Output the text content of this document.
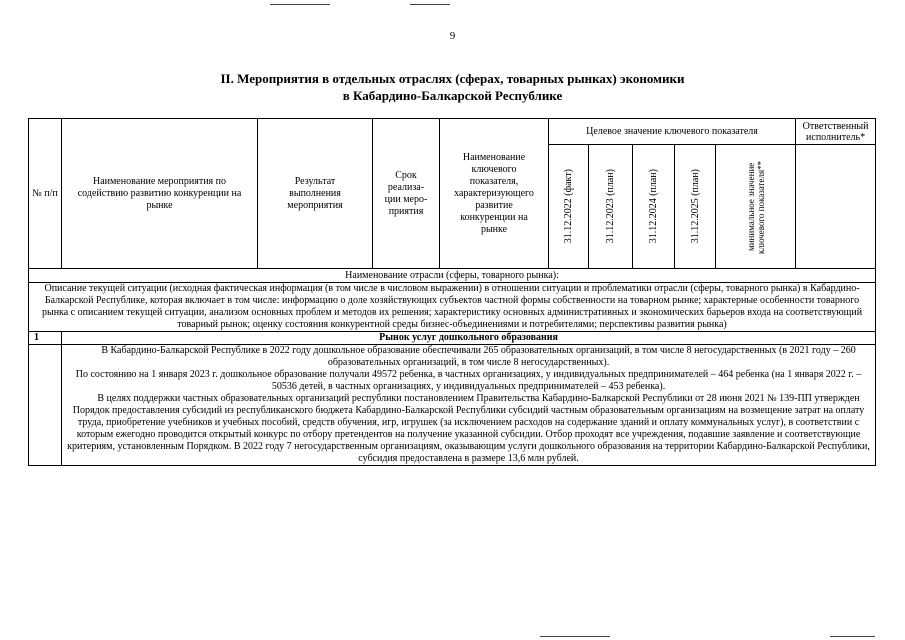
9
II. Мероприятия в отдельных отраслях (сферах, товарных рынках) экономики
в Кабардино-Балкарской Республике
№ п/п	Наименование мероприятия по содействию развитию конкуренции на рынке	Результат выполнения мероприятия	Срок реализа-ции меро-приятия	Наименование ключевого показателя, характеризующего развитие конкуренции на рынке	Целевое значение ключевого показателя					Ответственный исполнитель*

					31.12.2022 (факт)	31.12.2023 (план)	31.12.2024 (план)	31.12.2025 (план)	минимальное значение ключевого показателя**	

Наименование отрасли (сферы, товарного рынка):										
Описание текущей ситуации (исходная фактическая информация (в том числе в числовом выражении) в отношении ситуации и проблематики отрасли (сферы, товарного рынка) в Кабардино-Балкарской Республике, которая включает в том числе: информацию о доле хозяйствующих субъектов частной формы собственности на товарном рынке; характерные особенности товарного рынка с описанием текущей ситуации, анализом основных проблем и методов их решения; характеристику основных административных и экономических барьеров входа на соответствующий товарный рынок; оценку состояния конкурентной среды бизнес-объединениями и потребителями; перспективы развития рынка)										
1	Рынок услуг дошкольного образования									

	В Кабардино-Балкарской Республике в 2022 году дошкольное образование обеспечивали 265 образовательных организаций, в том числе 8 негосударственных (в 2021 году – 260 образовательных организаций, в том числе 8 негосударственных).

По состоянию на 1 января 2023 г. дошкольное образование получали 49572 ребенка, в частных организациях, у индивидуальных предпринимателей – 464 ребенка (на 1 января 2022 г. – 50536 детей, в частных организациях, у индивидуальных предпринимателей – 453 ребенка).

В целях поддержки частных образовательных организаций республики постановлением Правительства Кабардино-Балкарской Республики от 28 июня 2021 № 139-ПП утвержден Порядок предоставления субсидий из республиканского бюджета Кабардино-Балкарской Республики субсидий частным образовательным организациям на возмещение затрат на оплату труда, приобретение учебников и учебных пособий, средств обучения, игр, игрушек (за исключением расходов на содержание зданий и оплату коммунальных услуг), в соответствии с которым ежегодно проводится открытый конкурс по отбору претендентов на получение указанной субсидии. Отбор проходят все учреждения, подавшие заявление и соответствующие критериям, установленным Порядком. В 2022 году 7 негосударственным организациям, оказывающим услуги дошкольного образования на территории Кабардино-Балкарской Республики, субсидия предоставлена в размере 13,6 млн рублей.									
